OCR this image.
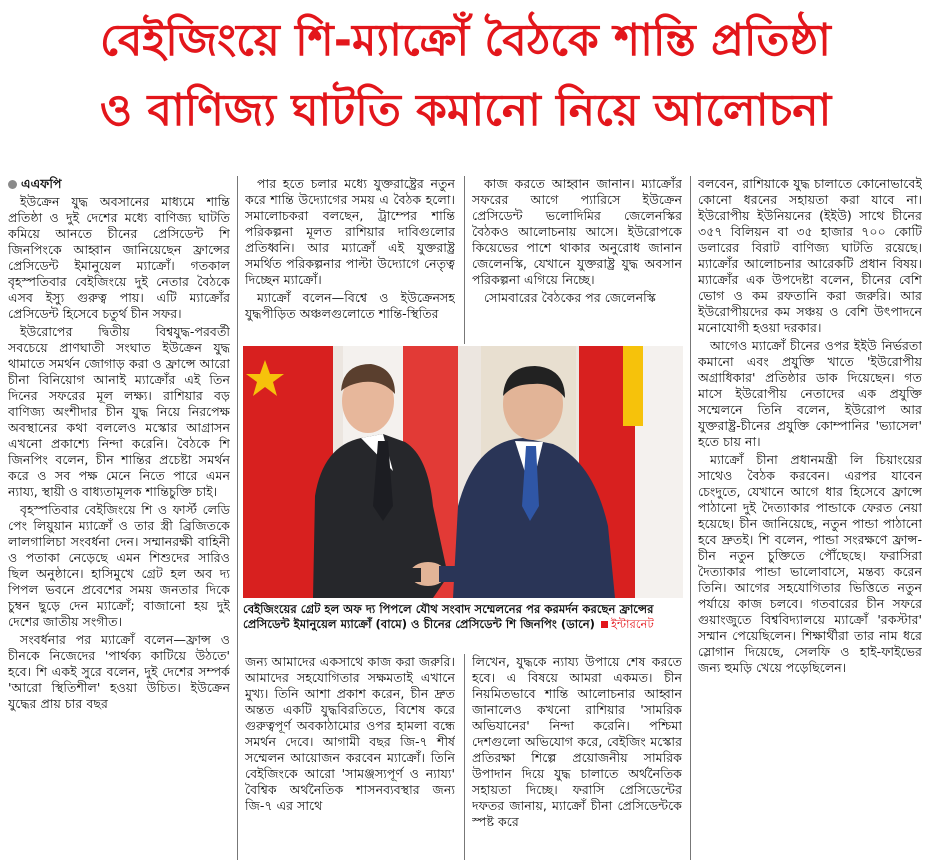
বেইজিংয়ে শি-ম্যাক্রোঁ বৈঠকে শান্তি প্রতিষ্ঠা
ও বাণিজ্য ঘাটতি কমানো নিয়ে আলোচনা

এএফপি

ইউক্রেন যুদ্ধ অবসানের মাধ্যমে শান্তি প্রতিষ্ঠা ও দুই দেশের মধ্যে বাণিজ্য ঘাটতি কমিয়ে আনতে চীনের প্রেসিডেন্ট শি জিনপিংকে আহ্বান জানিয়েছেন ফ্রান্সের প্রেসিডেন্ট ইমানুয়েল ম্যাক্রোঁ। গতকাল বৃহস্পতিবার বেইজিংয়ে দুই নেতার বৈঠকে এসব ইস্যু গুরুত্ব পায়। এটি ম্যাক্রোঁর প্রেসিডেন্ট হিসেবে চতুর্থ চীন সফর।

ইউরোপের দ্বিতীয় বিশ্বযুদ্ধ-পরবর্তী সবচেয়ে প্রাণঘাতী সংঘাত ইউক্রেন যুদ্ধ থামাতে সমর্থন জোগাড় করা ও ফ্রান্সে আরো চীনা বিনিয়োগ আনাই ম্যাক্রোঁর এই তিন দিনের সফরের মূল লক্ষ্য। রাশিয়ার বড় বাণিজ্য অংশীদার চীন যুদ্ধ নিয়ে নিরপেক্ষ অবস্থানের কথা বললেও মস্কোর আগ্রাসন এখনো প্রকাশ্যে নিন্দা করেনি। বৈঠকে শি জিনপিং বলেন, চীন শান্তির প্রচেষ্টা সমর্থন করে ও সব পক্ষ মেনে নিতে পারে এমন ন্যায্য, স্থায়ী ও বাধ্যতামূলক শান্তিচুক্তি চাই।

বৃহস্পতিবার বেইজিংয়ে শি ও ফার্স্ট লেডি পেং লিয়ুয়ান ম্যাক্রোঁ ও তার স্ত্রী ব্রিজিতকে লালগালিচা সংবর্ধনা দেন। সম্মানরক্ষী বাহিনী ও পতাকা নেড়েছে এমন শিশুদের সারিও ছিল অনুষ্ঠানে। হাসিমুখে গ্রেট হল অব দ্য পিপল ভবনে প্রবেশের সময় জনতার দিকে চুম্বন ছুড়ে দেন ম্যাক্রোঁ; বাজানো হয় দুই দেশের জাতীয় সংগীত।

সংবর্ধনার পর ম্যাক্রোঁ বলেন—ফ্রান্স ও চীনকে নিজেদের 'পার্থক্য কাটিয়ে উঠতে' হবে। শি একই সুরে বলেন, দুই দেশের সম্পর্ক 'আরো স্থিতিশীল' হওয়া উচিত। ইউক্রেন যুদ্ধের প্রায় চার বছর

পার হতে চলার মধ্যে যুক্তরাষ্ট্রের নতুন করে শান্তি উদ্যোগের সময় এ বৈঠক হলো। সমালোচকরা বলছেন, ট্রাম্পের শান্তি পরিকল্পনা মূলত রাশিয়ার দাবিগুলোর প্রতিধ্বনি। আর ম্যাক্রোঁ এই যুক্তরাষ্ট্র সমর্থিত পরিকল্পনার পাল্টা উদ্যোগে নেতৃত্ব দিচ্ছেন ম্যাক্রোঁ।

ম্যাক্রোঁ বলেন—বিশ্বে ও ইউক্রেনসহ যুদ্ধপীড়িত অঞ্চলগুলোতে শান্তি-স্থিতির

কাজ করতে আহ্বান জানান। ম্যাক্রোঁর সফরের আগে প্যারিসে ইউক্রেন প্রেসিডেন্ট ভলোদিমির জেলেনস্কির বৈঠকও আলোচনায় আসে। ইউরোপকে কিয়েভের পাশে থাকার অনুরোধ জানান জেলেনস্কি, যেখানে যুক্তরাষ্ট্র যুদ্ধ অবসান পরিকল্পনা এগিয়ে নিচ্ছে।

সোমবারের বৈঠকের পর জেলেনস্কি

বেইজিংয়ের গ্রেট হল অফ দ্য পিপলে যৌথ সংবাদ সম্মেলনের পর করমর্দন করছেন ফ্রান্সের প্রেসিডেন্ট ইমানুয়েল ম্যাক্রোঁ (বামে) ও চীনের প্রেসিডেন্ট শি জিনপিং (ডানে) ইন্টারনেট

জন্য আমাদের একসাথে কাজ করা জরুরি। আমাদের সহযোগিতার সক্ষমতাই এখানে মুখ্য। তিনি আশা প্রকাশ করেন, চীন দ্রুত অন্তত একটি যুদ্ধবিরতিতে, বিশেষ করে গুরুত্বপূর্ণ অবকাঠামোর ওপর হামলা বন্ধে সমর্থন দেবে। আগামী বছর জি-৭ শীর্ষ সম্মেলন আয়োজন করবেন ম্যাক্রোঁ। তিনি বেইজিংকে আরো 'সামঞ্জস্যপূর্ণ ও ন্যায্য' বৈশ্বিক অর্থনৈতিক শাসনব্যবস্থার জন্য জি-৭ এর সাথে

লিখেন, যুদ্ধকে ন্যায্য উপায়ে শেষ করতে হবে। এ বিষয়ে আমরা একমত। চীন নিয়মিতভাবে শান্তি আলোচনার আহ্বান জানালেও কখনো রাশিয়ার 'সামরিক অভিযানের' নিন্দা করেনি। পশ্চিমা দেশগুলো অভিযোগ করে, বেইজিং মস্কোর প্রতিরক্ষা শিল্পে প্রয়োজনীয় সামরিক উপাদান দিয়ে যুদ্ধ চালাতে অর্থনৈতিক সহায়তা দিচ্ছে। ফরাসি প্রেসিডেন্টের দফতর জানায়, ম্যাক্রোঁ চীনা প্রেসিডেন্টকে স্পষ্ট করে

বলবেন, রাশিয়াকে যুদ্ধ চালাতে কোনোভাবেই কোনো ধরনের সহায়তা করা যাবে না। ইউরোপীয় ইউনিয়নের (ইইউ) সাথে চীনের ৩৫৭ বিলিয়ন বা ৩৫ হাজার ৭০০ কোটি ডলারের বিরাট বাণিজ্য ঘাটতি রয়েছে। ম্যাক্রোঁর আলোচনার আরেকটি প্রধান বিষয়। ম্যাক্রোঁর এক উপদেষ্টা বলেন, চীনের বেশি ভোগ ও কম রফতানি করা জরুরি। আর ইউরোপীয়দের কম সঞ্চয় ও বেশি উৎপাদনে মনোযোগী হওয়া দরকার।

আগেও ম্যাক্রোঁ চীনের ওপর ইইউ নির্ভরতা কমানো এবং প্রযুক্তি খাতে 'ইউরোপীয় অগ্রাধিকার' প্রতিষ্ঠার ডাক দিয়েছেন। গত মাসে ইউরোপীয় নেতাদের এক প্রযুক্তি সম্মেলনে তিনি বলেন, ইউরোপ আর যুক্তরাষ্ট্র-চীনের প্রযুক্তি কোম্পানির 'ভ্যাসেল' হতে চায় না।

ম্যাক্রোঁ চীনা প্রধানমন্ত্রী লি চিয়াংয়ের সাথেও বৈঠক করবেন। এরপর যাবেন চেংদুতে, যেখানে আগে ধার হিসেবে ফ্রান্সে পাঠানো দুই দৈত্যাকার পান্ডাকে ফেরত নেয়া হয়েছে। চীন জানিয়েছে, নতুন পান্ডা পাঠানো হবে দ্রুতই। শি বলেন, পান্ডা সংরক্ষণে ফ্রান্স-চীন নতুন চুক্তিতে পৌঁছেছে। ফরাসিরা দৈত্যাকার পান্ডা ভালোবাসে, মন্তব্য করেন তিনি। আগের সহযোগিতার ভিত্তিতে নতুন পর্যায়ে কাজ চলবে। গতবারের চীন সফরে গুয়াংজুতে বিশ্ববিদ্যালয়ে ম্যাক্রোঁ 'রকস্টার' সম্মান পেয়েছিলেন। শিক্ষার্থীরা তার নাম ধরে স্লোগান দিয়েছে, সেলফি ও হাই-ফাইভের জন্য হুমড়ি খেয়ে পড়েছিলেন।
